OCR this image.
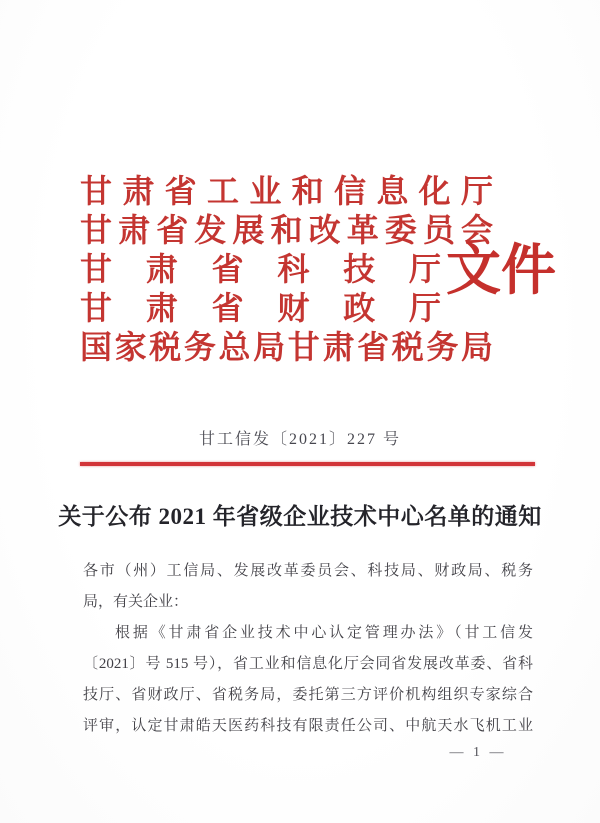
甘肃省工业和信息化厅
甘肃省发展和改革委员会
甘肃省科技厅
甘肃省财政厅
国家税务总局甘肃省税务局
文件
甘工信发〔2021〕227 号
关于公布 2021 年省级企业技术中心名单的通知
各市（州）工信局、发展改革委员会、科技局、财政局、税务
局，有关企业：
根据《甘肃省企业技术中心认定管理办法》（甘工信发
〔2021〕号 515 号），省工业和信息化厅会同省发展改革委、省科
技厅、省财政厅、省税务局，委托第三方评价机构组织专家综合
评审，认定甘肃皓天医药科技有限责任公司、中航天水飞机工业
— 1 —
